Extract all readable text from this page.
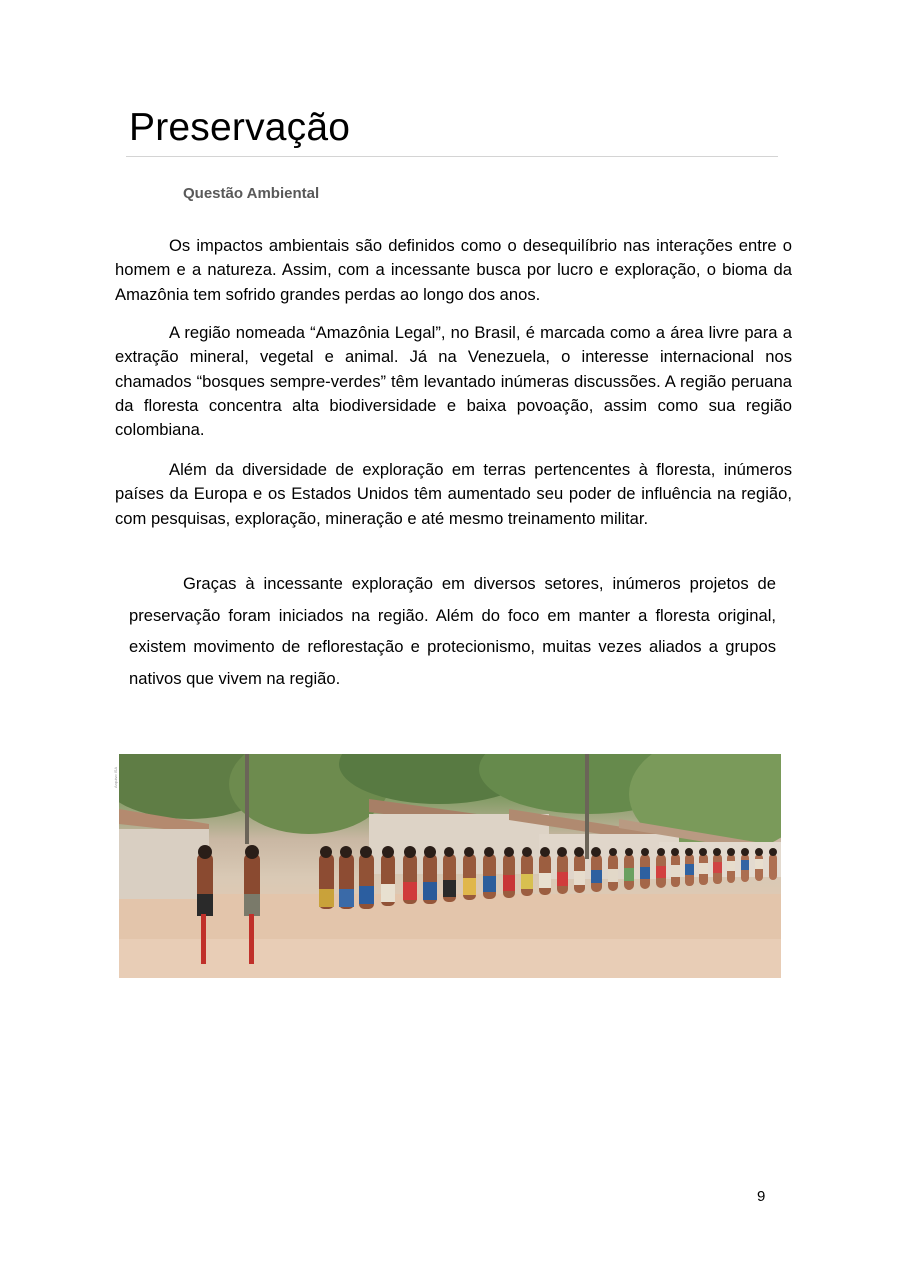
Preservação
Questão Ambiental

Os impactos ambientais são definidos como o desequilíbrio nas interações entre o homem e a natureza. Assim, com a incessante busca por lucro e exploração, o bioma da Amazônia tem sofrido grandes perdas ao longo dos anos.

A região nomeada “Amazônia Legal”, no Brasil, é marcada como a área livre para a extração mineral, vegetal e animal. Já na Venezuela, o interesse internacional nos chamados “bosques sempre-verdes” têm levantado inúmeras discussões. A região peruana da floresta concentra alta biodiversidade e baixa povoação, assim como sua região colombiana.

Além da diversidade de exploração em terras pertencentes à floresta, inúmeros países da Europa e os Estados Unidos têm aumentado seu poder de influência na região, com pesquisas, exploração, mineração e até mesmo treinamento militar.

Graças à incessante exploração em diversos setores, inúmeros projetos de preservação foram iniciados na região. Além do foco em manter a floresta original, existem movimento de reflorestação e protecionismo, muitas vezes aliados a grupos nativos que vivem na região.

Arquivo ISA
9
